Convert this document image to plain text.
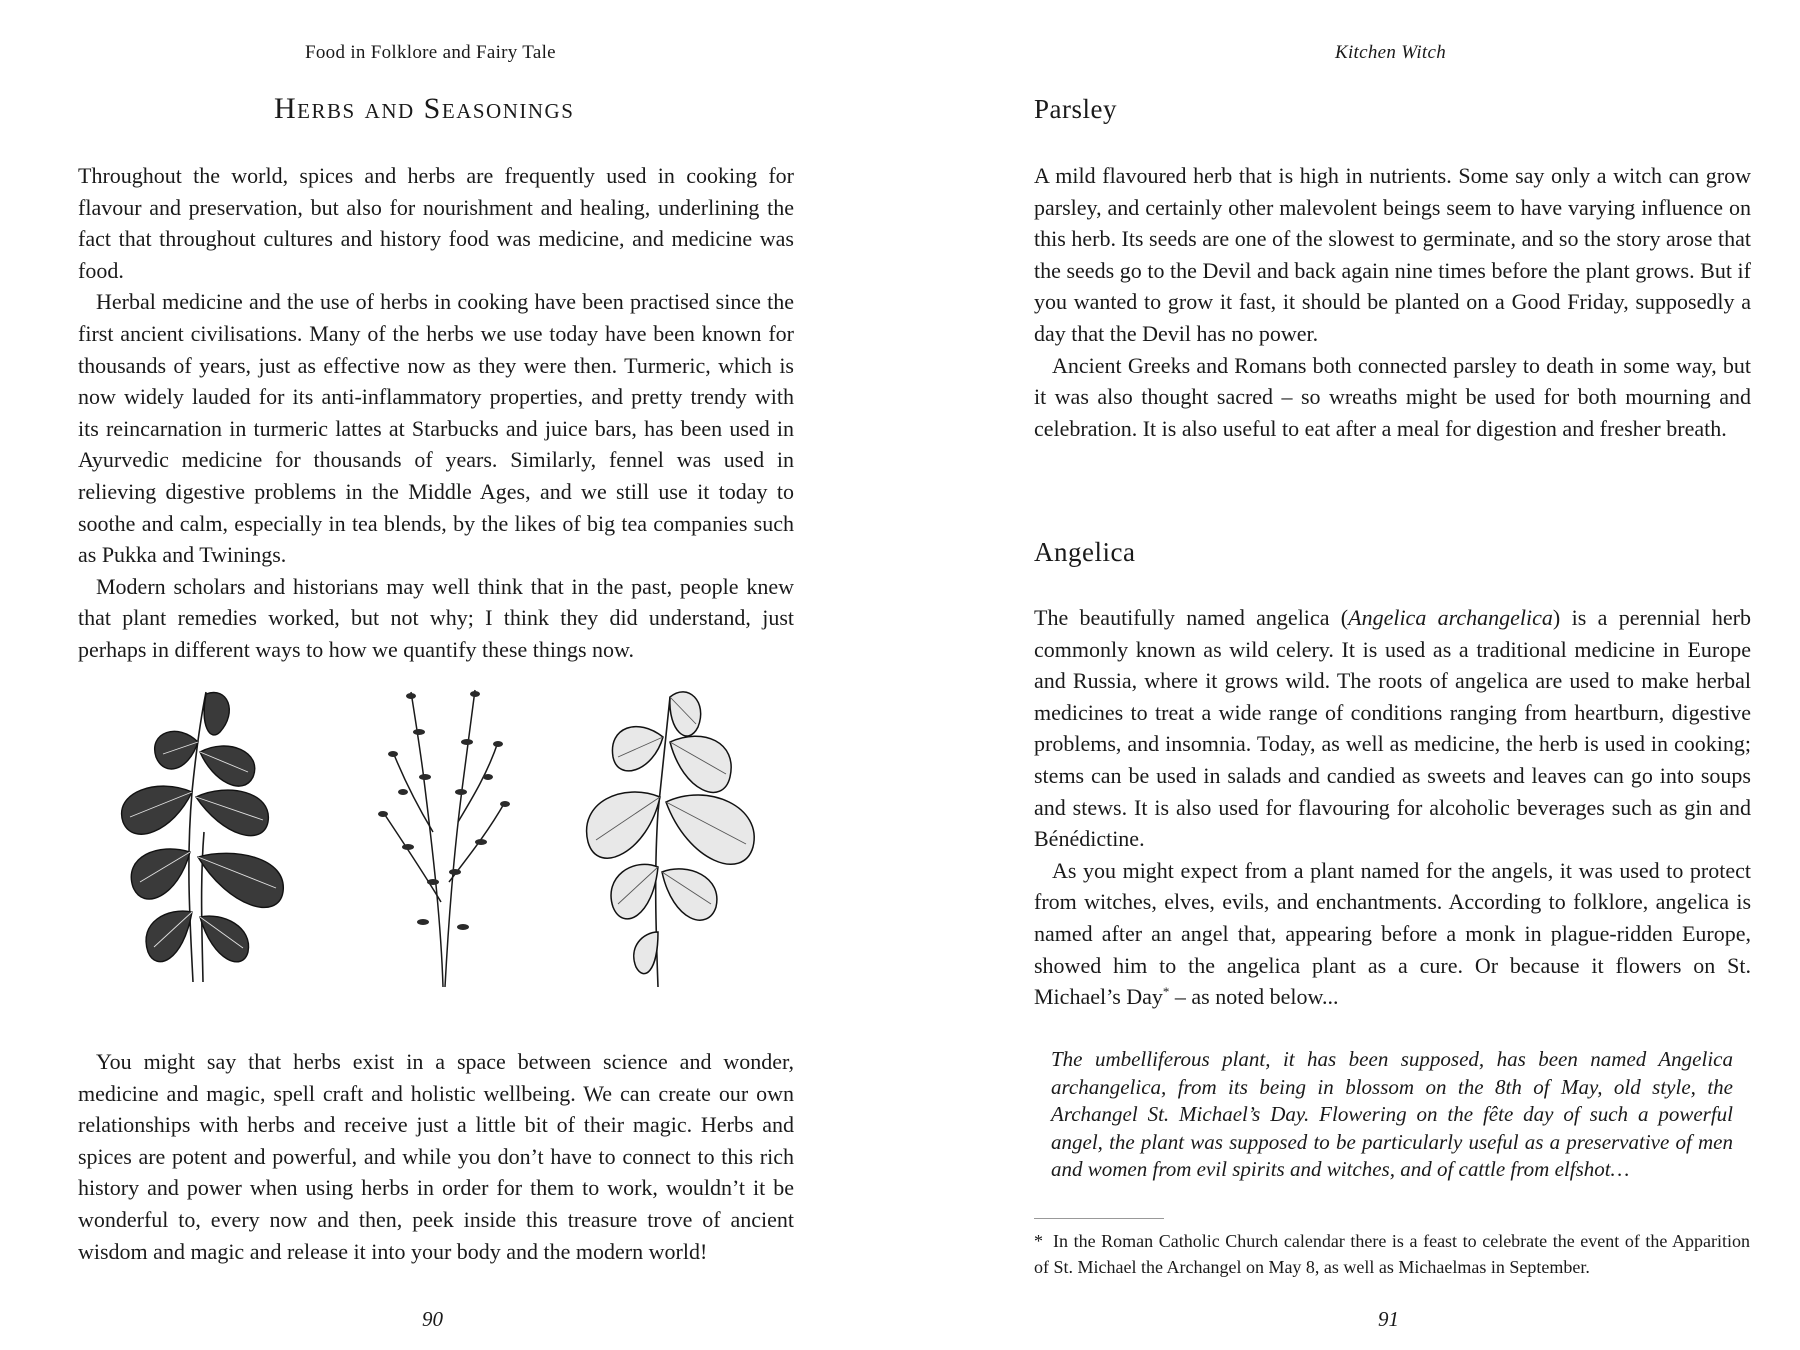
Food in Folklore and Fairy Tale
Herbs and Seasonings

Throughout the world, spices and herbs are frequently used in cooking for flavour and preservation, but also for nourishment and healing, underlining the fact that throughout cultures and history food was medicine, and medicine was food.

Herbal medicine and the use of herbs in cooking have been practised since the first ancient civilisations. Many of the herbs we use today have been known for thousands of years, just as effective now as they were then. Turmeric, which is now widely lauded for its anti-inflammatory properties, and pretty trendy with its reincarnation in turmeric lattes at Starbucks and juice bars, has been used in Ayurvedic medicine for thousands of years. Similarly, fennel was used in relieving digestive problems in the Middle Ages, and we still use it today to soothe and calm, especially in tea blends, by the likes of big tea companies such as Pukka and Twinings.

Modern scholars and historians may well think that in the past, people knew that plant remedies worked, but not why; I think they did understand, just perhaps in different ways to how we quantify these things now.

You might say that herbs exist in a space between science and wonder, medicine and magic, spell craft and holistic wellbeing. We can create our own relationships with herbs and receive just a little bit of their magic. Herbs and spices are potent and powerful, and while you don’t have to connect to this rich history and power when using herbs in order for them to work, wouldn’t it be wonderful to, every now and then, peek inside this treasure trove of ancient wisdom and magic and release it into your body and the modern world!

90
Kitchen Witch
Parsley

A mild flavoured herb that is high in nutrients. Some say only a witch can grow parsley, and certainly other malevolent beings seem to have varying influence on this herb. Its seeds are one of the slowest to germinate, and so the story arose that the seeds go to the Devil and back again nine times before the plant grows. But if you wanted to grow it fast, it should be planted on a Good Friday, supposedly a day that the Devil has no power.

Ancient Greeks and Romans both connected parsley to death in some way, but it was also thought sacred – so wreaths might be used for both mourning and celebration. It is also useful to eat after a meal for digestion and fresher breath.

Angelica

The beautifully named angelica (Angelica archangelica) is a perennial herb commonly known as wild celery. It is used as a traditional medicine in Europe and Russia, where it grows wild. The roots of angelica are used to make herbal medicines to treat a wide range of conditions ranging from heartburn, digestive problems, and insomnia. Today, as well as medicine, the herb is used in cooking; stems can be used in salads and candied as sweets and leaves can go into soups and stews. It is also used for flavouring for alcoholic beverages such as gin and Bénédictine.

As you might expect from a plant named for the angels, it was used to protect from witches, elves, evils, and enchantments. According to folklore, angelica is named after an angel that, appearing before a monk in plague-ridden Europe, showed him to the angelica plant as a cure. Or because it flowers on St. Michael’s Day* – as noted below...

The umbelliferous plant, it has been supposed, has been named Angelica archangelica, from its being in blossom on the 8th of May, old style, the Archangel St. Michael’s Day. Flowering on the fête day of such a powerful angel, the plant was supposed to be particularly useful as a preservative of men and women from evil spirits and witches, and of cattle from elfshot…
* In the Roman Catholic Church calendar there is a feast to celebrate the event of the Apparition of St. Michael the Archangel on May 8, as well as Michaelmas in September.
91
